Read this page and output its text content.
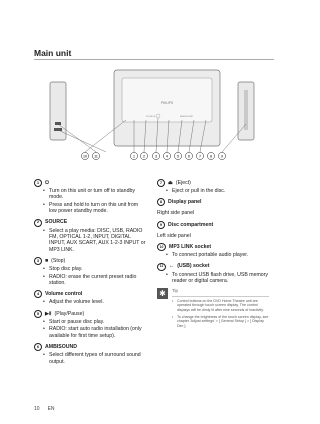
Main unit
PHILIPS
SOURCE	AMBISOUND
10 11	1 2	3	4	5	6	7	8	9
1	⏻
• Turn on this unit or turn off to standby mode.
• Press and hold to turn on this unit from low power standby mode.
2	SOURCE
• Select a play media: DISC, USB, RADIO FM, OPTICAL 1-2, INPUT, DIGITAL INPUT, AUX SCART, AUX 1-2-3 INPUT or MP3 LINK.
3	■ (Stop)
• Stop disc play.
• RADIO: erase the current preset radio station.
4	Volume control
• Adjust the volume level.
5	▶Ⅱ (Play/Pause)
• Start or pause disc play.
• RADIO: start auto radio installation (only available for first time setup).
6	AMBISOUND
• Select different types of surround sound output.
7	⏏ (Eject)
• Eject or pull in the disc.
8	Display panel
Right side panel
9	Disc compartment
Left side panel
10	MP3 LINK socket
• To connect portable audio player.
11	← (USB) socket
• To connect USB flash drive, USB memory reader or digital camera.
✱	Tip
• Control buttons on the DVD Home Theatre unit are operated through touch screen display. The control displays will be dimly lit after nine seconds of inactivity.
• To change the brightness of the touch screen display, see chapter 'Adjust settings' > [ General Setup ] > [ Display Dim ].
10 EN
